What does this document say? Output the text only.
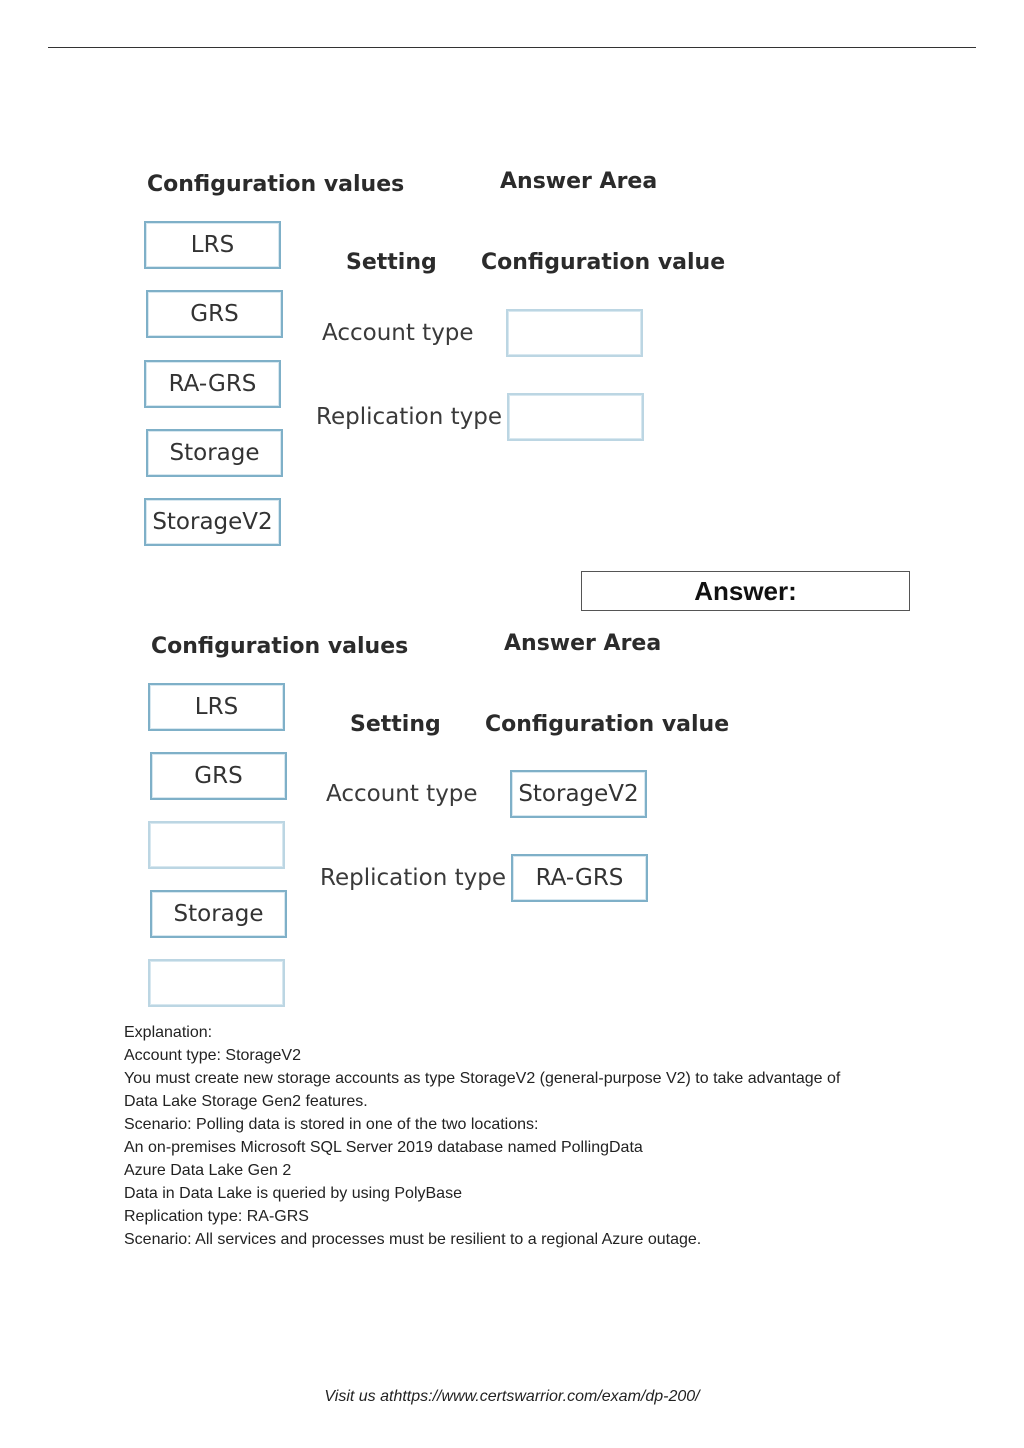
Configuration values	Answer Area
LRS
GRS
RA-GRS
Storage
StorageV2
Setting Configuration value
Account type
Replication type
Answer:
Configuration values	Answer Area
LRS
GRS
Storage
Setting Configuration value
Account type
Replication type
StorageV2
RA-GRS
Explanation:
Account type: StorageV2
You must create new storage accounts as type StorageV2 (general-purpose V2) to take advantage of
Data Lake Storage Gen2 features.
Scenario: Polling data is stored in one of the two locations:
An on-premises Microsoft SQL Server 2019 database named PollingData
Azure Data Lake Gen 2
Data in Data Lake is queried by using PolyBase
Replication type: RA-GRS
Scenario: All services and processes must be resilient to a regional Azure outage.
Visit us athttps://www.certswarrior.com/exam/dp-200/
